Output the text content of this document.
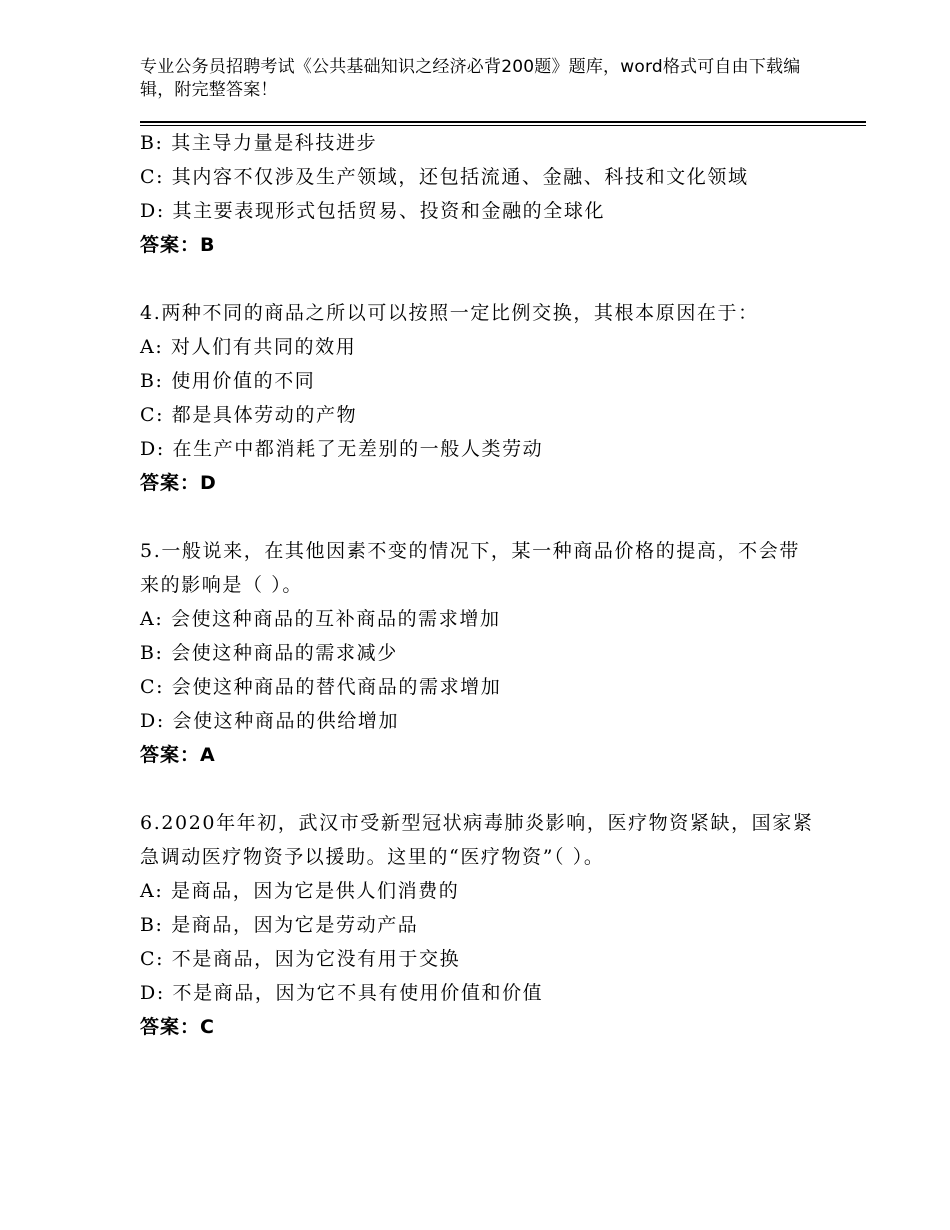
专业公务员招聘考试《公共基础知识之经济必背200题》题库，word格式可自由下载编辑，附完整答案！
B: 其主导力量是科技进步
C: 其内容不仅涉及生产领域，还包括流通、金融、科技和文化领域
D: 其主要表现形式包括贸易、投资和金融的全球化
答案：B
4.两种不同的商品之所以可以按照一定比例交换，其根本原因在于：
A: 对人们有共同的效用
B: 使用价值的不同
C: 都是具体劳动的产物
D: 在生产中都消耗了无差别的一般人类劳动
答案：D
5.一般说来，在其他因素不变的情况下，某一种商品价格的提高，不会带来的影响是（ ）。
A: 会使这种商品的互补商品的需求增加
B: 会使这种商品的需求减少
C: 会使这种商品的替代商品的需求增加
D: 会使这种商品的供给增加
答案：A
6.2020年年初，武汉市受新型冠状病毒肺炎影响，医疗物资紧缺，国家紧急调动医疗物资予以援助。这里的“医疗物资”（ ）。
A: 是商品，因为它是供人们消费的
B: 是商品，因为它是劳动产品
C: 不是商品，因为它没有用于交换
D: 不是商品，因为它不具有使用价值和价值
答案：C
